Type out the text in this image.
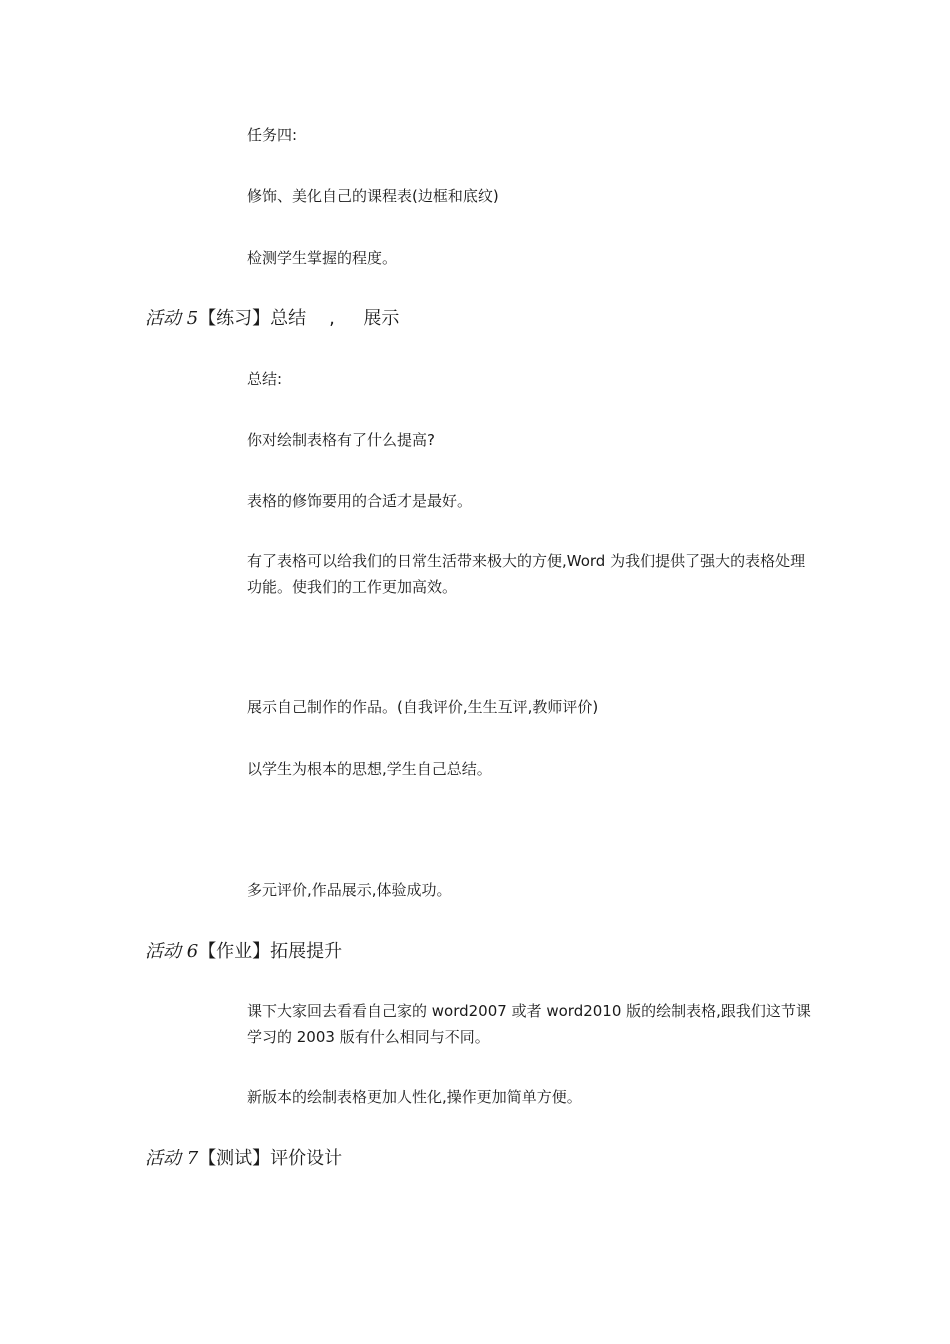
任务四:

修饰、美化自己的课程表(边框和底纹)

检测学生掌握的程度。

活动 5【练习】总结    ,     展示

总结:

你对绘制表格有了什么提高?

表格的修饰要用的合适才是最好。

有了表格可以给我们的日常生活带来极大的方便,Word 为我们提供了强大的表格处理功能。使我们的工作更加高效。

展示自己制作的作品。(自我评价,生生互评,教师评价)

以学生为根本的思想,学生自己总结。

多元评价,作品展示,体验成功。

活动 6【作业】拓展提升

课下大家回去看看自己家的 word2007 或者 word2010 版的绘制表格,跟我们这节课学习的 2003 版有什么相同与不同。

新版本的绘制表格更加人性化,操作更加简单方便。

活动 7【测试】评价设计
